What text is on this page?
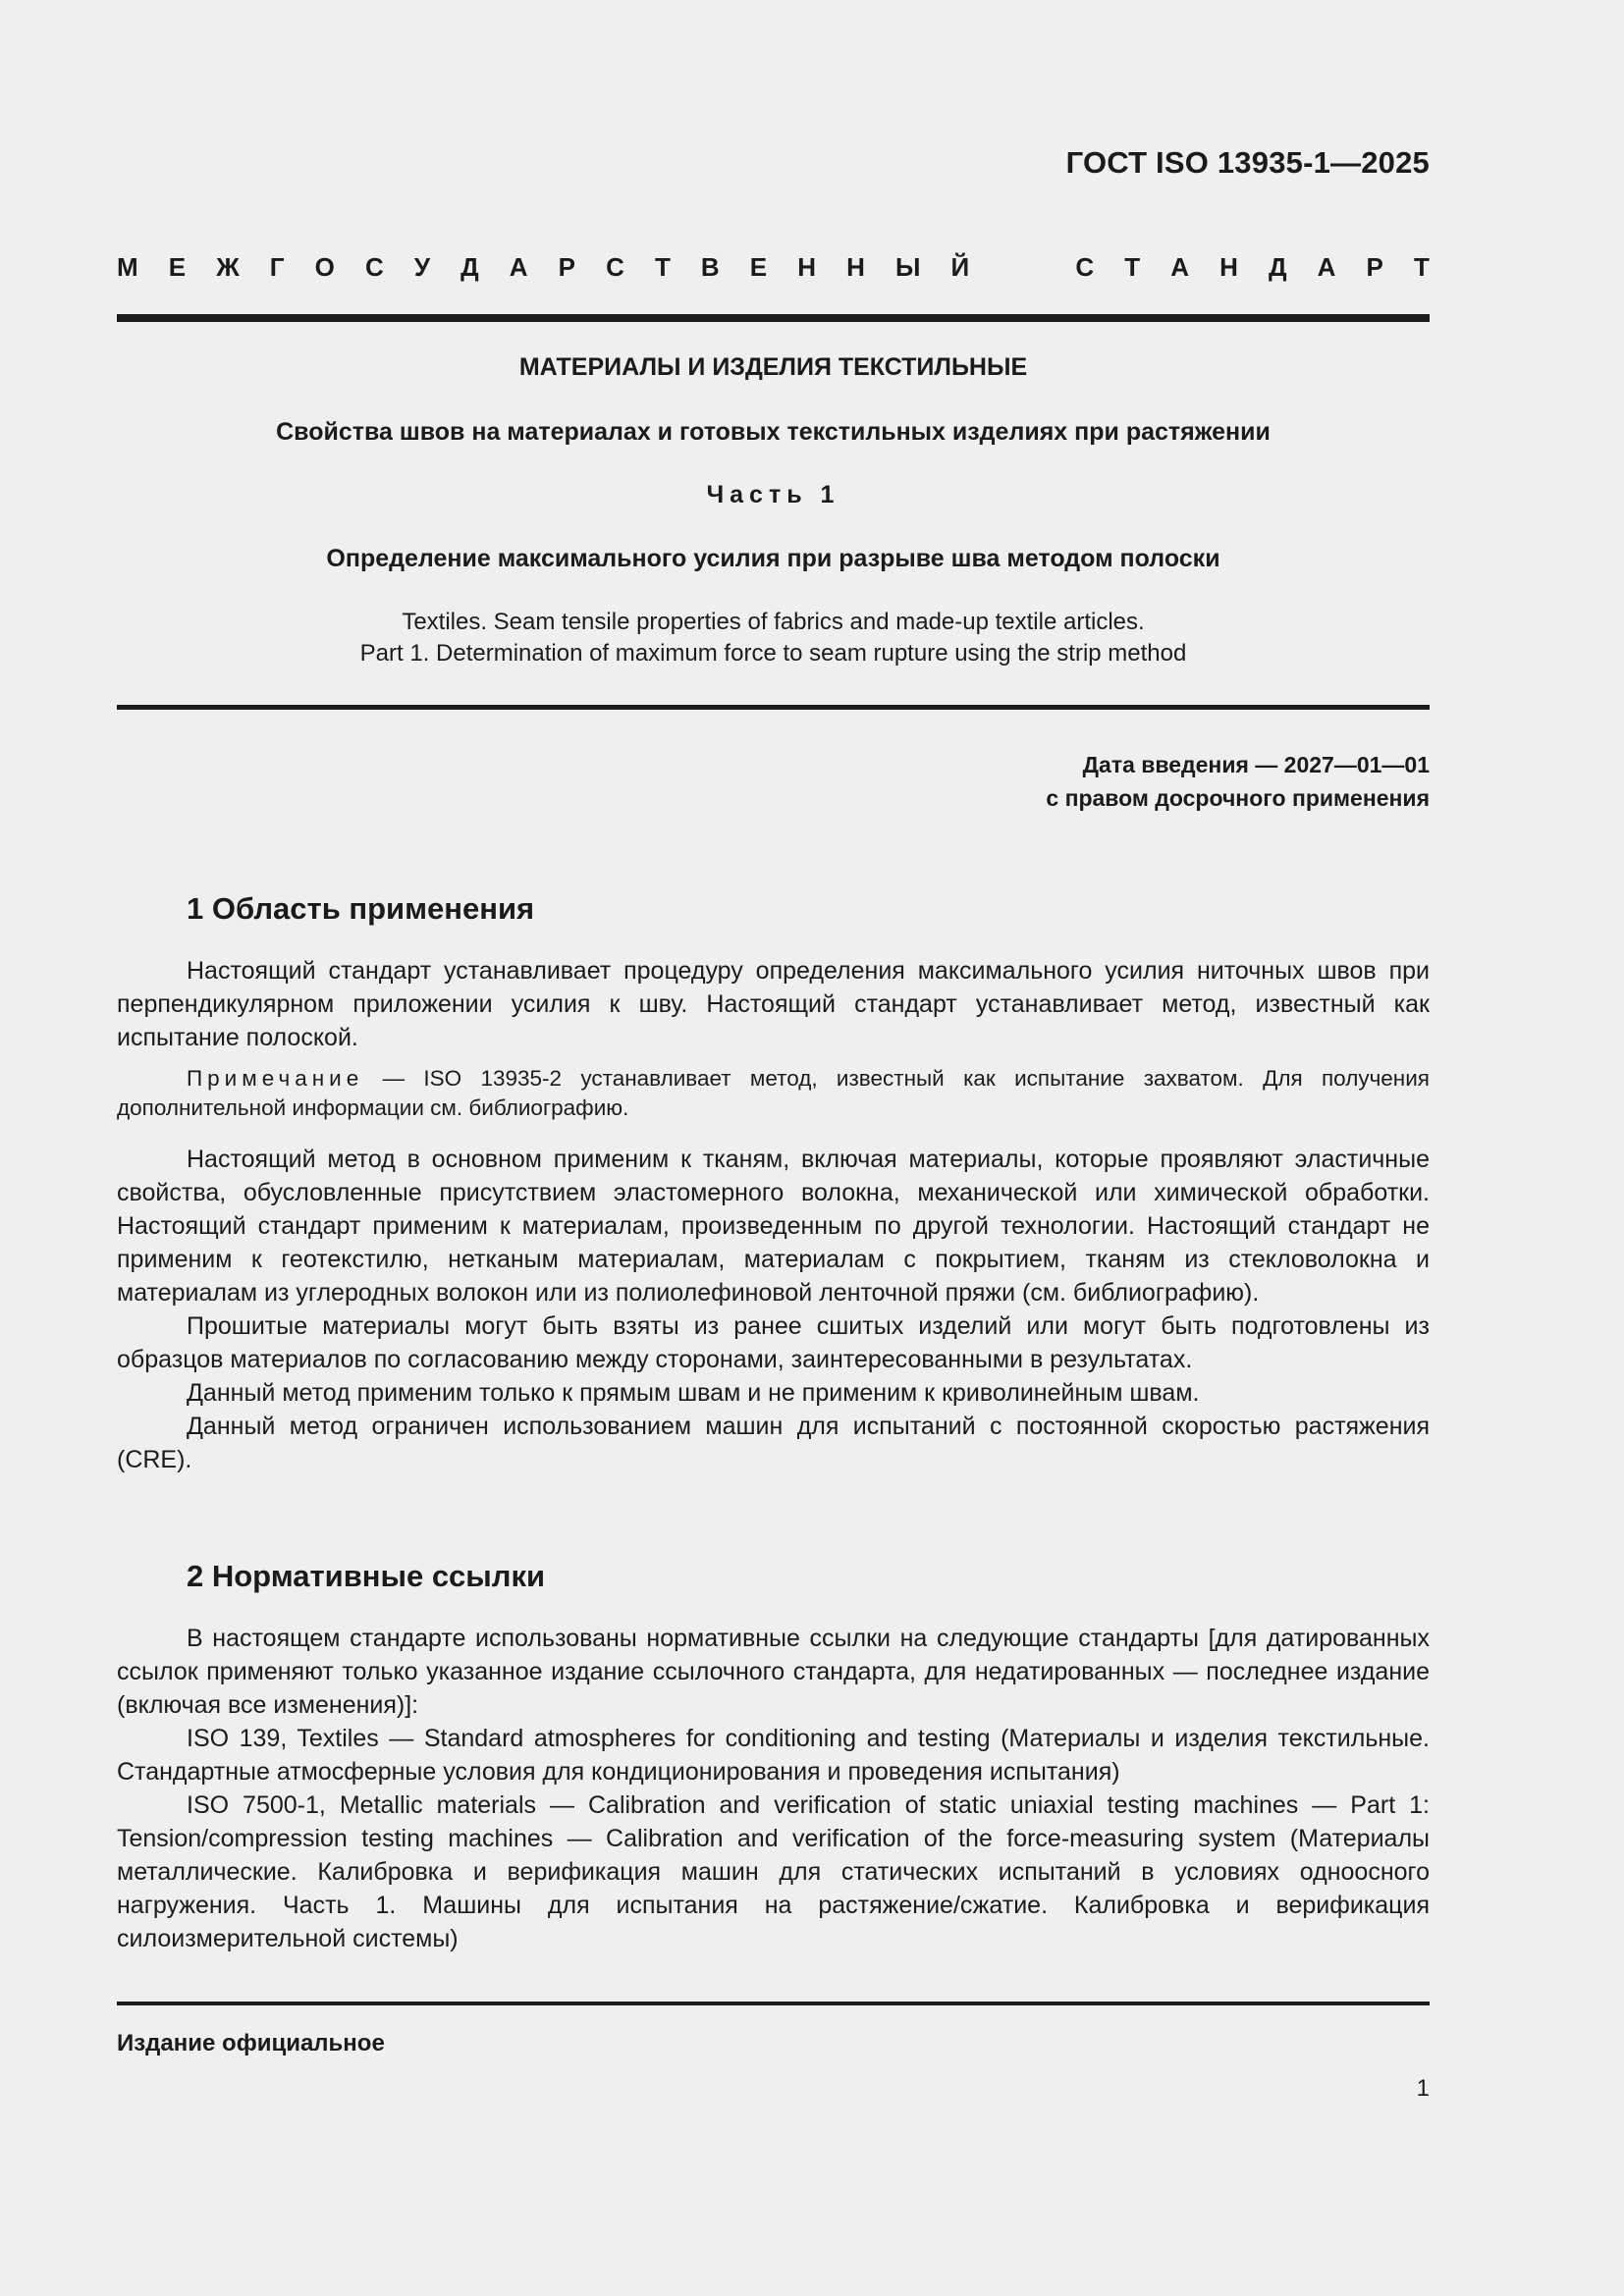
ГОСТ ISO 13935-1—2025
М Е Ж Г О С У Д А Р С Т В Е Н Н Ы Й	С Т А Н Д А Р Т
МАТЕРИАЛЫ И ИЗДЕЛИЯ ТЕКСТИЛЬНЫЕ
Свойства швов на материалах и готовых текстильных изделиях при растяжении
Часть 1
Определение максимального усилия при разрыве шва методом полоски
Textiles. Seam tensile properties of fabrics and made-up textile articles.
Part 1. Determination of maximum force to seam rupture using the strip method
Дата введения — 2027—01—01
с правом досрочного применения
1 Область применения

Настоящий стандарт устанавливает процедуру определения максимального усилия ниточных швов при перпендикулярном приложении усилия к шву. Настоящий стандарт устанавливает метод, известный как испытание полоской.

Примечание — ISO 13935-2 устанавливает метод, известный как испытание захватом. Для получения дополнительной информации см. библиографию.

Настоящий метод в основном применим к тканям, включая материалы, которые проявляют эластичные свойства, обусловленные присутствием эластомерного волокна, механической или химической обработки. Настоящий стандарт применим к материалам, произведенным по другой технологии. Настоящий стандарт не применим к геотекстилю, нетканым материалам, материалам с покрытием, тканям из стекловолокна и материалам из углеродных волокон или из полиолефиновой ленточной пряжи (см. библиографию).

Прошитые материалы могут быть взяты из ранее сшитых изделий или могут быть подготовлены из образцов материалов по согласованию между сторонами, заинтересованными в результатах.

Данный метод применим только к прямым швам и не применим к криволинейным швам.

Данный метод ограничен использованием машин для испытаний с постоянной скоростью растяжения (CRE).

2 Нормативные ссылки

В настоящем стандарте использованы нормативные ссылки на следующие стандарты [для датированных ссылок применяют только указанное издание ссылочного стандарта, для недатированных — последнее издание (включая все изменения)]:

ISO 139, Textiles — Standard atmospheres for conditioning and testing (Материалы и изделия текстильные. Стандартные атмосферные условия для кондиционирования и проведения испытания)

ISO 7500-1, Metallic materials — Calibration and verification of static uniaxial testing machines — Part 1: Tension/compression testing machines — Calibration and verification of the force-measuring system (Материалы металлические. Калибровка и верификация машин для статических испытаний в условиях одноосного нагружения. Часть 1. Машины для испытания на растяжение/сжатие. Калибровка и верификация силоизмерительной системы)

Издание официальное
1
